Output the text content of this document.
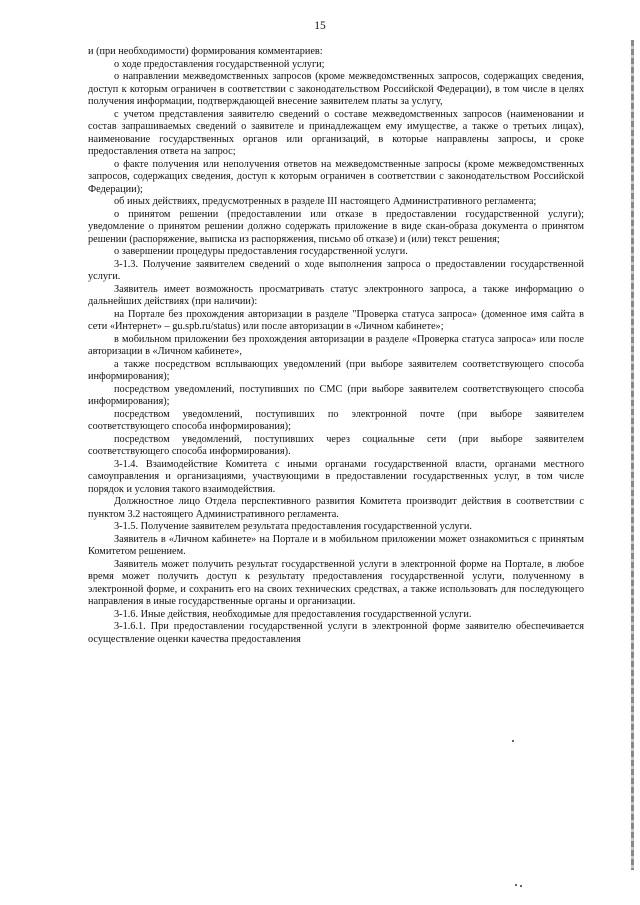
15

и (при необходимости) формирования комментариев:

о ходе предоставления государственной услуги;

о направлении межведомственных запросов (кроме межведомственных запросов, содержащих сведения, доступ к которым ограничен в соответствии с законодательством Российской Федерации), в том числе в целях получения информации, подтверждающей внесение заявителем платы за услугу,

с учетом представления заявителю сведений о составе межведомственных запросов (наименовании и состав запрашиваемых сведений о заявителе и принадлежащем ему имуществе, а также о третьих лицах), наименование государственных органов или организаций, в которые направлены запросы, и сроке предоставления ответа на запрос;

о факте получения или неполучения ответов на межведомственные запросы (кроме межведомственных запросов, содержащих сведения, доступ к которым ограничен в соответствии с законодательством Российской Федерации);

об иных действиях, предусмотренных в разделе III настоящего Административного регламента;

о принятом решении (предоставлении или отказе в предоставлении государственной услуги); уведомление о принятом решении должно содержать приложение в виде скан-образа документа о принятом решении (распоряжение, выписка из распоряжения, письмо об отказе) и (или) текст решения;

о завершении процедуры предоставления государственной услуги.

3-1.3. Получение заявителем сведений о ходе выполнения запроса о предоставлении государственной услуги.

Заявитель имеет возможность просматривать статус электронного запроса, а также информацию о дальнейших действиях (при наличии):

на Портале без прохождения авторизации в разделе "Проверка статуса запроса» (доменное имя сайта в сети «Интернет» – gu.spb.ru/status) или после авторизации в «Личном кабинете»;

в мобильном приложении без прохождения авторизации в разделе «Проверка статуса запроса» или после авторизации в «Личном кабинете»,

а также посредством всплывающих уведомлений (при выборе заявителем соответствующего способа информирования);

посредством уведомлений, поступивших по СМС (при выборе заявителем соответствующего способа информирования);

посредством уведомлений, поступивших по электронной почте (при выборе заявителем соответствующего способа информирования);

посредством уведомлений, поступивших через социальные сети (при выборе заявителем соответствующего способа информирования).

3-1.4. Взаимодействие Комитета с иными органами государственной власти, органами местного самоуправления и организациями, участвующими в предоставлении государственных услуг, в том числе порядок и условия такого взаимодействия.

Должностное лицо Отдела перспективного развития Комитета производит действия в соответствии с пунктом 3.2 настоящего Административного регламента.

3-1.5. Получение заявителем результата предоставления государственной услуги.

Заявитель в «Личном кабинете» на Портале и в мобильном приложении может ознакомиться с принятым Комитетом решением.

Заявитель может получить результат государственной услуги в электронной форме на Портале, в любое время может получить доступ к результату предоставления государственной услуги, полученному в электронной форме, и сохранить его на своих технических средствах, а также использовать для последующего направления в иные государственные органы и организации.

3-1.6. Иные действия, необходимые для предоставления государственной услуги.

3-1.6.1. При предоставлении государственной услуги в электронной форме заявителю обеспечивается осуществление оценки качества предоставления
